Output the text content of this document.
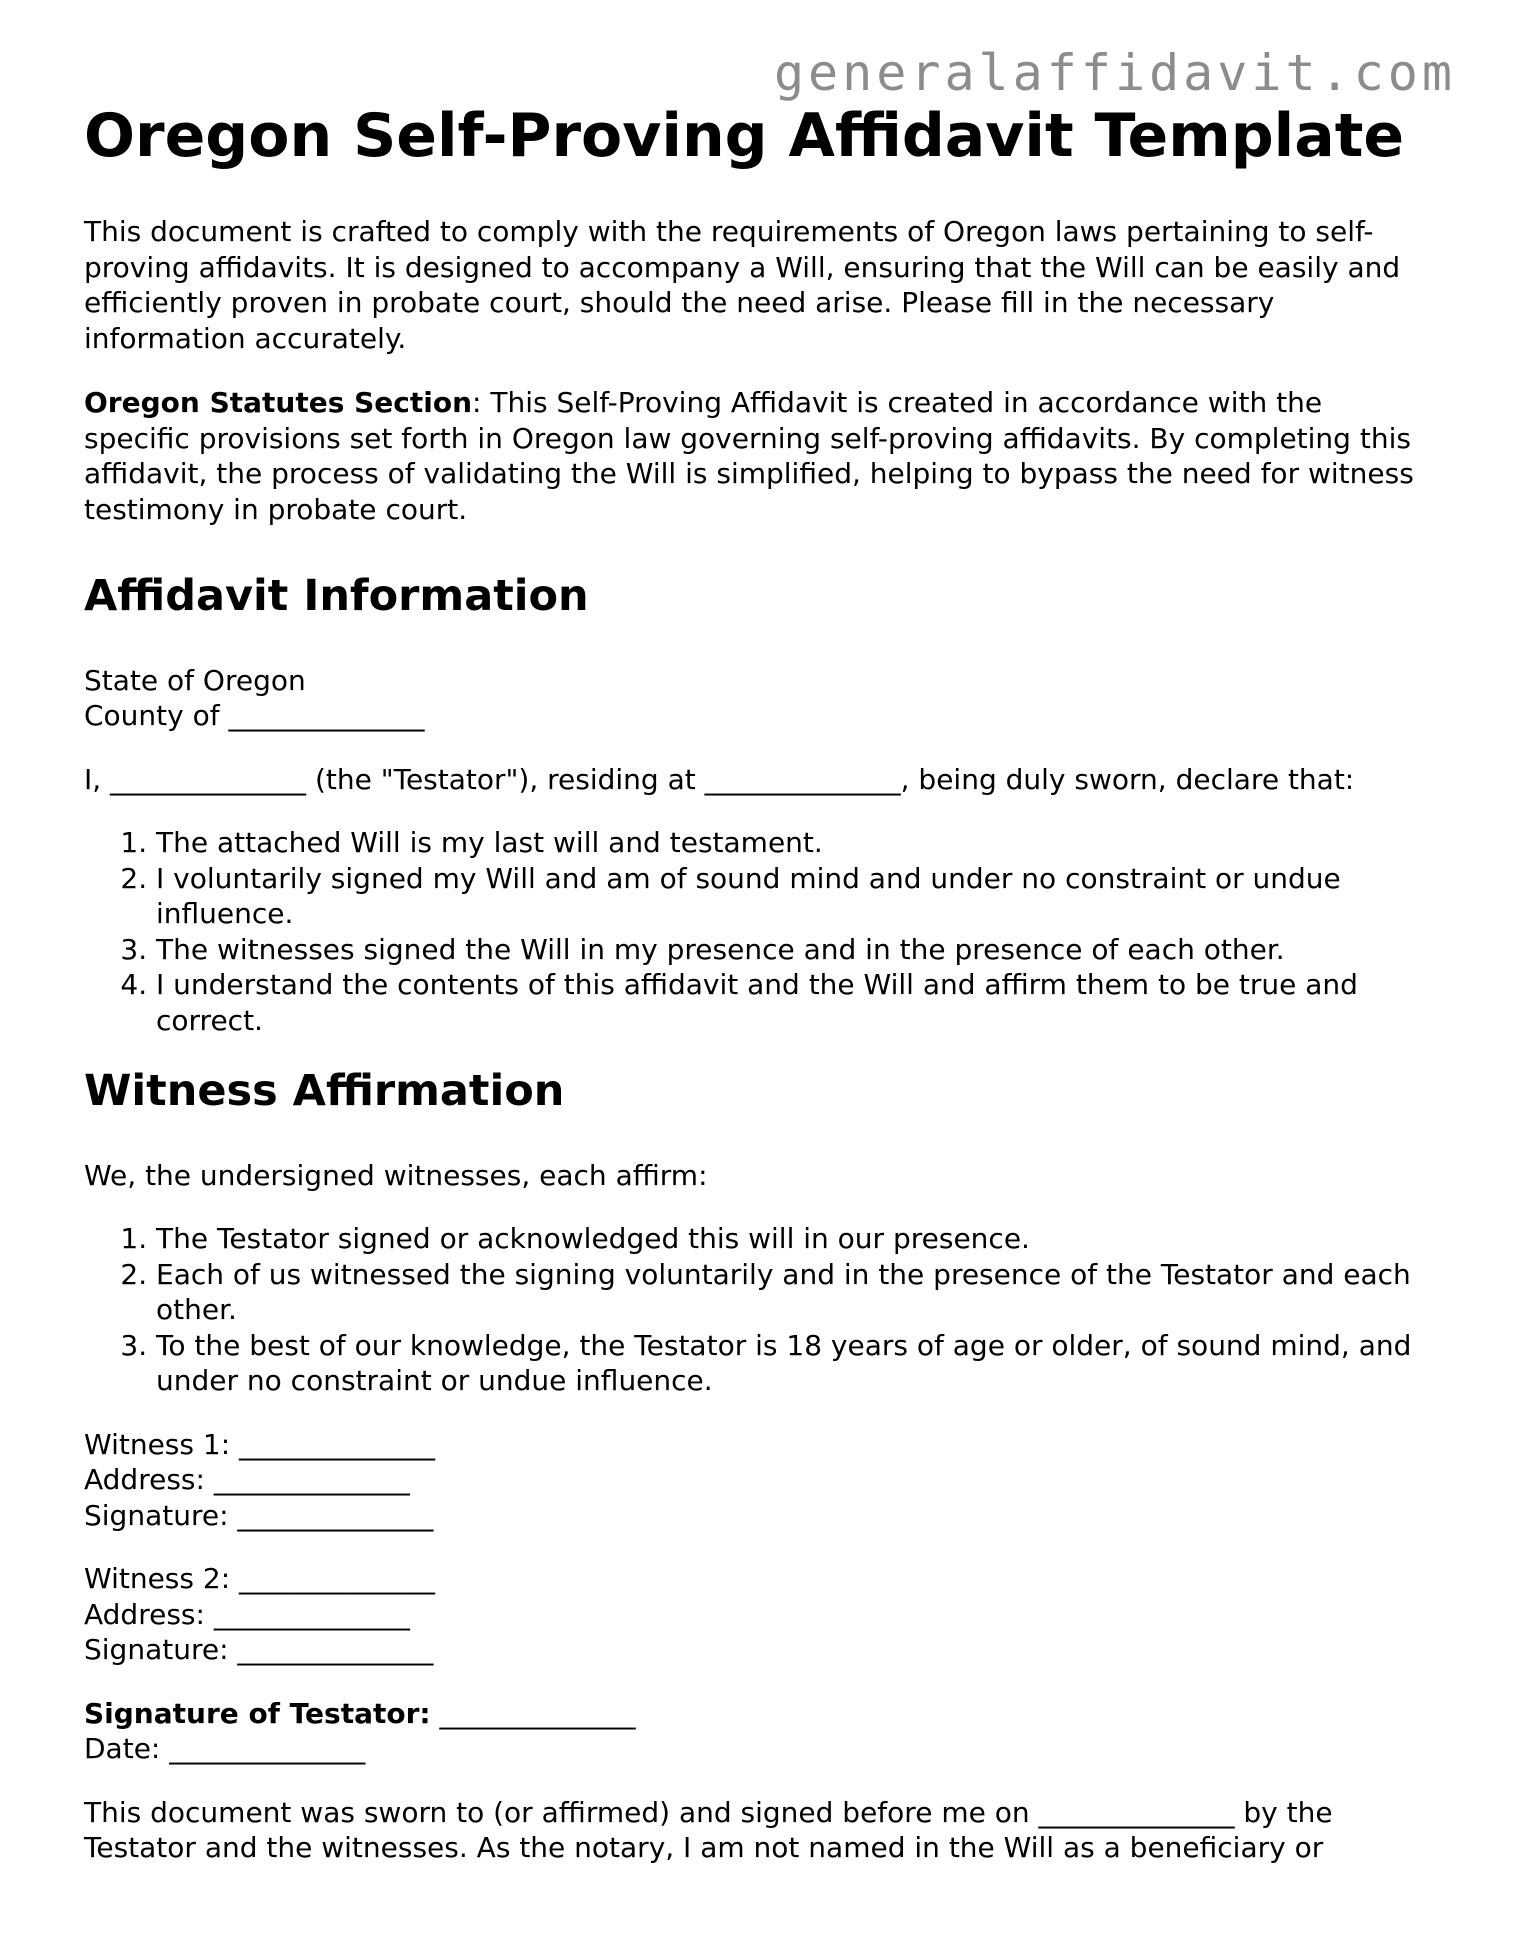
generalaffidavit.com
Oregon Self-Proving Affidavit Template

This document is crafted to comply with the requirements of Oregon laws pertaining to self-proving affidavits. It is designed to accompany a Will, ensuring that the Will can be easily and efficiently proven in probate court, should the need arise. Please fill in the necessary information accurately.

Oregon Statutes Section: This Self-Proving Affidavit is created in accordance with the specific provisions set forth in Oregon law governing self-proving affidavits. By completing this affidavit, the process of validating the Will is simplified, helping to bypass the need for witness testimony in probate court.

Affidavit Information

State of Oregon
County of ______________

I, ______________ (the "Testator"), residing at ______________, being duly sworn, declare that:

1. The attached Will is my last will and testament.
2. I voluntarily signed my Will and am of sound mind and under no constraint or undue influence.
3. The witnesses signed the Will in my presence and in the presence of each other.
4. I understand the contents of this affidavit and the Will and affirm them to be true and correct.
Witness Affirmation

We, the undersigned witnesses, each affirm:

1. The Testator signed or acknowledged this will in our presence.
2. Each of us witnessed the signing voluntarily and in the presence of the Testator and each other.
3. To the best of our knowledge, the Testator is 18 years of age or older, of sound mind, and under no constraint or undue influence.

Witness 1: ______________
Address: ______________
Signature: ______________

Witness 2: ______________
Address: ______________
Signature: ______________

Signature of Testator: ______________
Date: ______________

This document was sworn to (or affirmed) and signed before me on ______________ by the Testator and the witnesses. As the notary, I am not named in the Will as a beneficiary or
